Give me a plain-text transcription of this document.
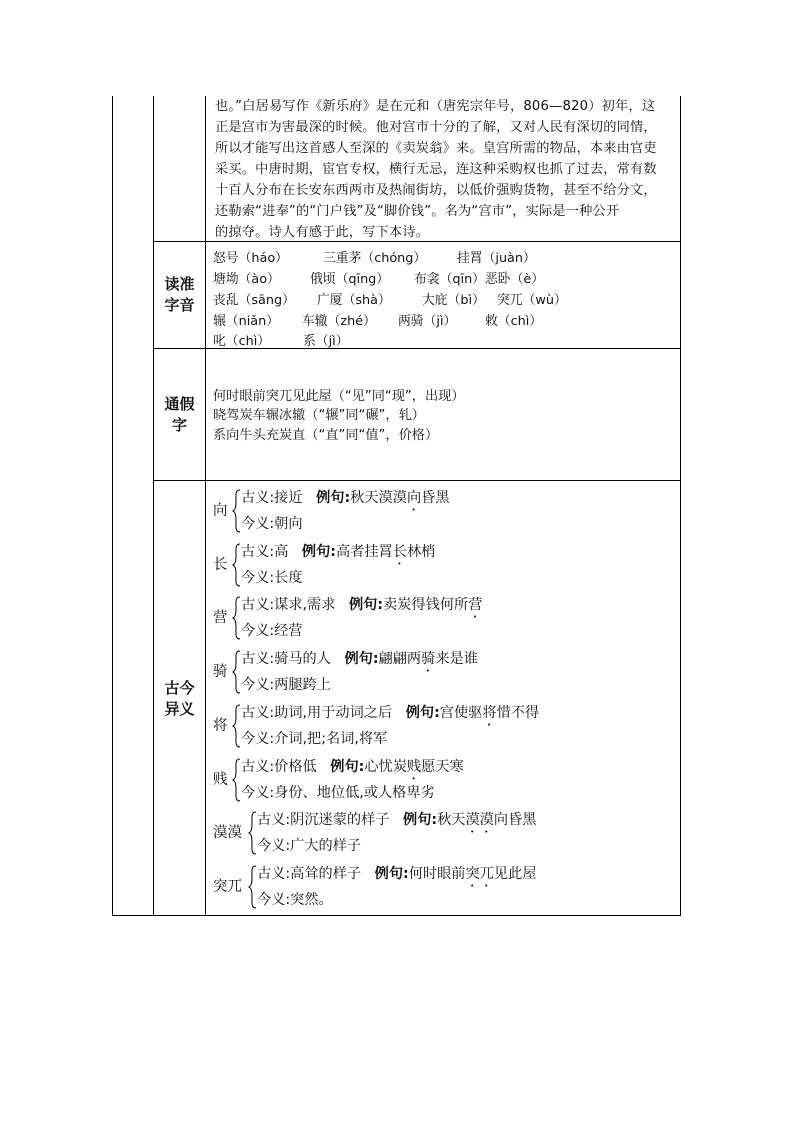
也。”白居易写作《新乐府》是在元和（唐宪宗年号，806—820）初年，这
正是宫市为害最深的时候。他对宫市十分的了解，又对人民有深切的同情，
所以才能写出这首感人至深的《卖炭翁》来。皇宫所需的物品，本来由官吏
采买。中唐时期，宦官专权，横行无忌，连这种采购权也抓了过去，常有数
十百人分布在长安东西两市及热闹街坊，以低价强购货物，甚至不给分文，
还勒索“进奉”的“门户钱”及“脚价钱”。名为“宫市”，实际是一种公开
的掠夺。诗人有感于此，写下本诗。
读准
字音
怒号（háo）	三重茅（chóng） 挂罥（juàn）
塘坳（ào） 俄顷（qīng） 布衾（qīn）恶卧（è）
丧乱（sāng） 广厦（shà） 大庇（bì） 突兀（wù）
辗（niǎn） 车辙（zhé） 两骑（jì） 敕（chì）
叱（chì）	系（jì）
通假
字
何时眼前突兀见此屋（“见”同“现”，出现）
晓驾炭车辗冰辙（“辗”同“碾”，轧）
系向牛头充炭直（“直”同“值”，价格）
古今
异义
向
古义:接近 例句:秋天漠漠向昏黑
今义:朝向
长
古义:高 例句:高者挂罥长林梢
今义:长度
营
古义:谋求,需求 例句:卖炭得钱何所营
今义:经营
骑
古义:骑马的人 例句:翩翩两骑来是谁
今义:两腿跨上
将
古义:助词,用于动词之后 例句:宫使驱将惜不得
今义:介词,把;名词,将军
贱
古义:价格低 例句:心忧炭贱愿天寒
今义:身份、地位低,或人格卑劣
漠漠
古义:阴沉迷蒙的样子 例句:秋天漠漠向昏黑
今义:广大的样子
突兀
古义:高耸的样子 例句:何时眼前突兀见此屋
今义:突然。
